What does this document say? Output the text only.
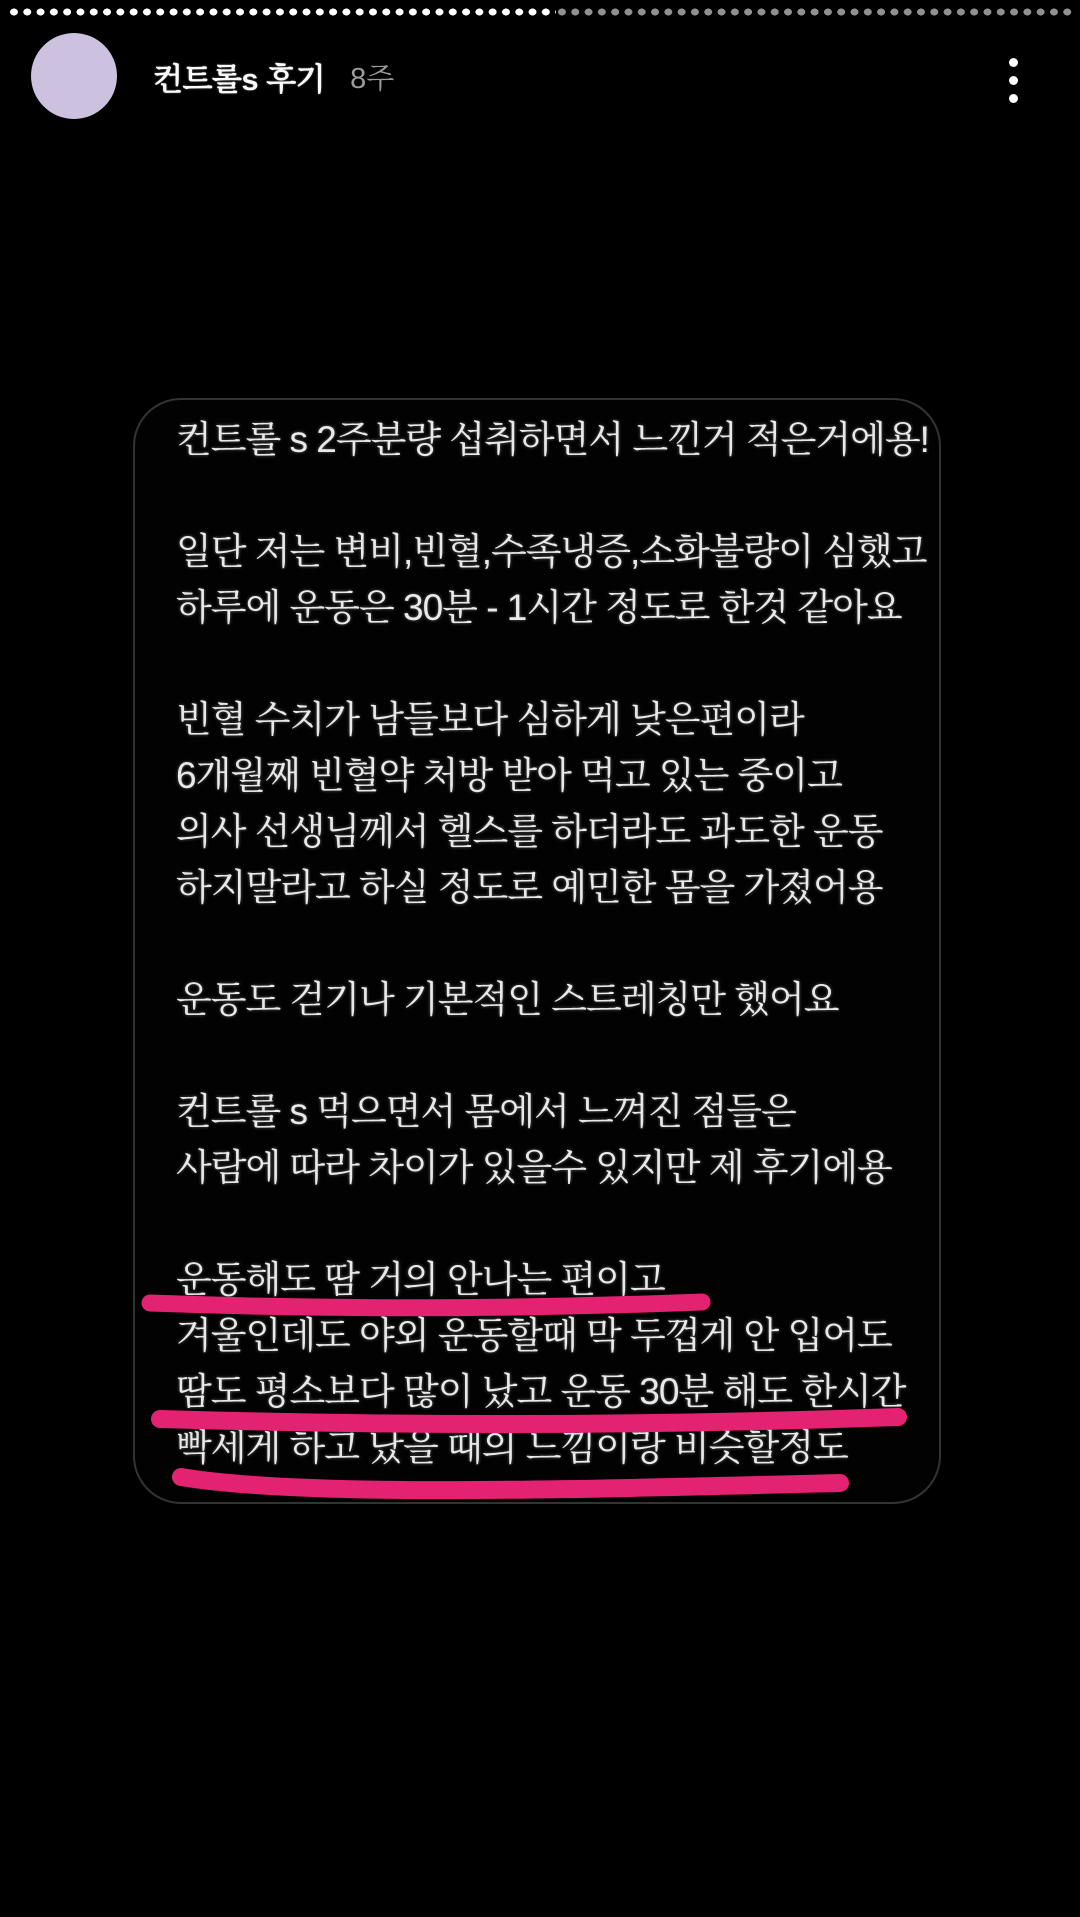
컨트롤s 후기 8주
컨트롤 s 2주분량 섭취하면서 느낀거 적은거에용!
일단 저는 변비,빈혈,수족냉증,소화불량이 심했고
하루에 운동은 30분 - 1시간 정도로 한것 같아요
빈혈 수치가 남들보다 심하게 낮은편이라
6개월째 빈혈약 처방 받아 먹고 있는 중이고
의사 선생님께서 헬스를 하더라도 과도한 운동
하지말라고 하실 정도로 예민한 몸을 가졌어용
운동도 걷기나 기본적인 스트레칭만 했어요
컨트롤 s 먹으면서 몸에서 느껴진 점들은
사람에 따라 차이가 있을수 있지만 제 후기에용
운동해도 땀 거의 안나는 편이고
겨울인데도 야외 운동할때 막 두껍게 안 입어도
땀도 평소보다 많이 났고 운동 30분 해도 한시간
빡세게 하고 났을 때의 느낌이랑 비슷할정도
